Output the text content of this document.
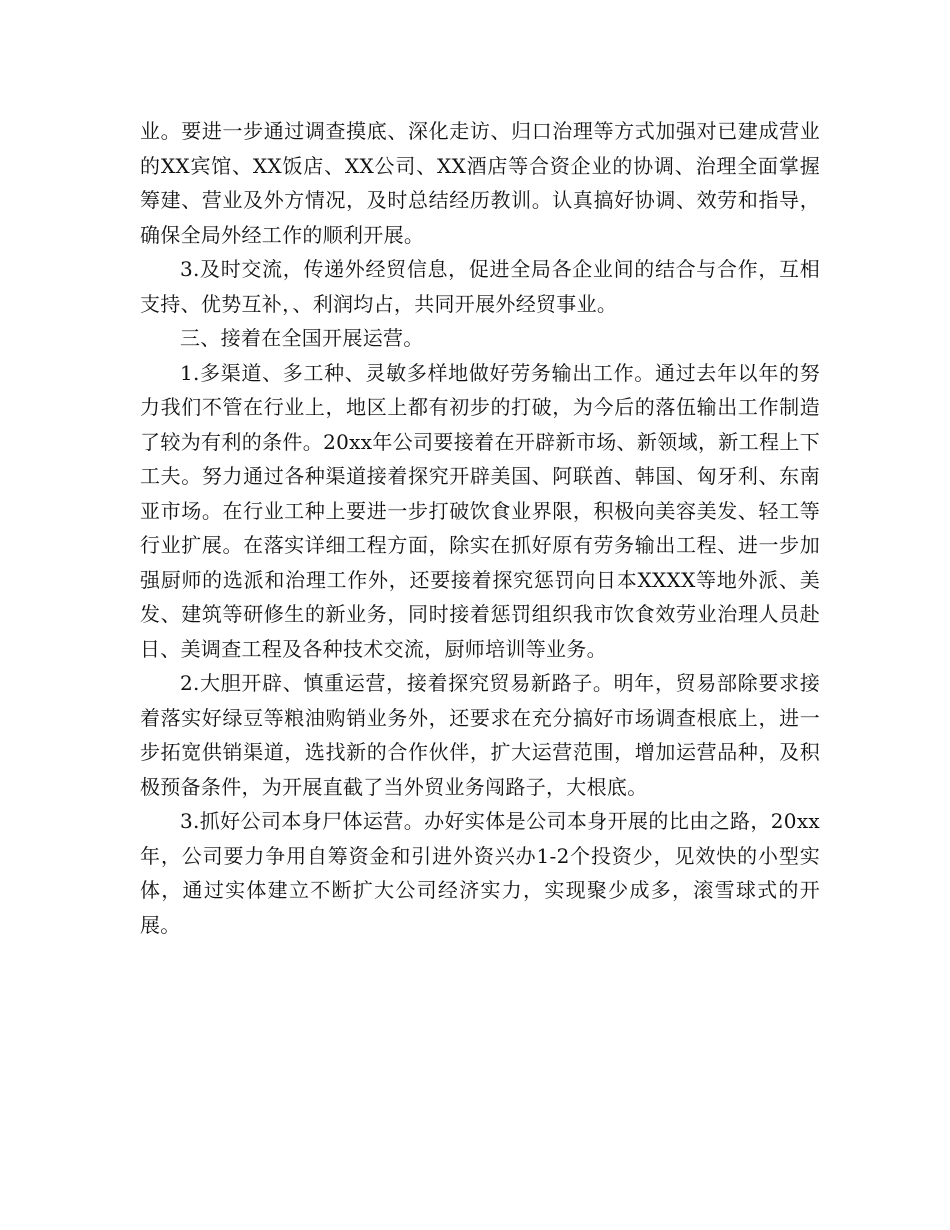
业。要进一步通过调查摸底、深化走访、归口治理等方式加强对已建成营业的XX宾馆、XX饭店、XX公司、XX酒店等合资企业的协调、治理全面掌握筹建、营业及外方情况，及时总结经历教训。认真搞好协调、效劳和指导，确保全局外经工作的顺利开展。

3.及时交流，传递外经贸信息，促进全局各企业间的结合与合作，互相支持、优势互补，、利润均占，共同开展外经贸事业。

三、接着在全国开展运营。

1.多渠道、多工种、灵敏多样地做好劳务输出工作。通过去年以年的努力我们不管在行业上，地区上都有初步的打破，为今后的落伍输出工作制造了较为有利的条件。20xx年公司要接着在开辟新市场、新领域，新工程上下工夫。努力通过各种渠道接着探究开辟美国、阿联酋、韩国、匈牙利、东南亚市场。在行业工种上要进一步打破饮食业界限，积极向美容美发、轻工等行业扩展。在落实详细工程方面，除实在抓好原有劳务输出工程、进一步加强厨师的选派和治理工作外，还要接着探究惩罚向日本XXXX等地外派、美发、建筑等研修生的新业务，同时接着惩罚组织我市饮食效劳业治理人员赴日、美调查工程及各种技术交流，厨师培训等业务。

2.大胆开辟、慎重运营，接着探究贸易新路子。明年，贸易部除要求接着落实好绿豆等粮油购销业务外，还要求在充分搞好市场调查根底上，进一步拓宽供销渠道，选找新的合作伙伴，扩大运营范围，增加运营品种，及积极预备条件，为开展直截了当外贸业务闯路子，大根底。

3.抓好公司本身尸体运营。办好实体是公司本身开展的比由之路，20xx年，公司要力争用自筹资金和引进外资兴办1-2个投资少，见效快的小型实体，通过实体建立不断扩大公司经济实力，实现聚少成多，滚雪球式的开展。
